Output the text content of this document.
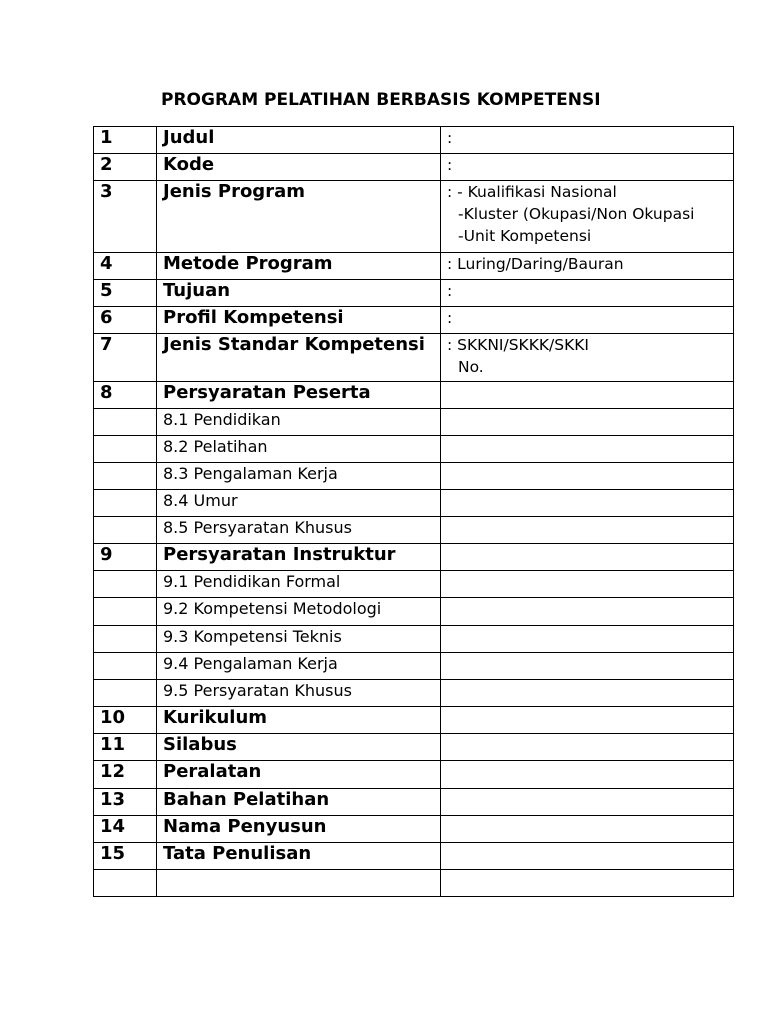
PROGRAM PELATIHAN BERBASIS KOMPETENSI
1	Judul	:

2	Kode	:

3	Jenis Program	: - Kualifikasi Nasional
-Kluster (Okupasi/Non Okupasi
-Unit Kompetensi

4	Metode Program	: Luring/Daring/Bauran

5	Tujuan	:

6	Profil Kompetensi	:

7	Jenis Standar Kompetensi	: SKKNI/SKKK/SKKI
No.

8	Persyaratan Peserta	
	8.1 Pendidikan	
	8.2 Pelatihan	
	8.3 Pengalaman Kerja	
	8.4 Umur	
	8.5 Persyaratan Khusus	
9	Persyaratan Instruktur	
	9.1 Pendidikan Formal	
	9.2 Kompetensi Metodologi	
	9.3 Kompetensi Teknis	
	9.4 Pengalaman Kerja	
	9.5 Persyaratan Khusus	
10	Kurikulum	
11	Silabus	
12	Peralatan	
13	Bahan Pelatihan	
14	Nama Penyusun	
15	Tata Penulisan	
